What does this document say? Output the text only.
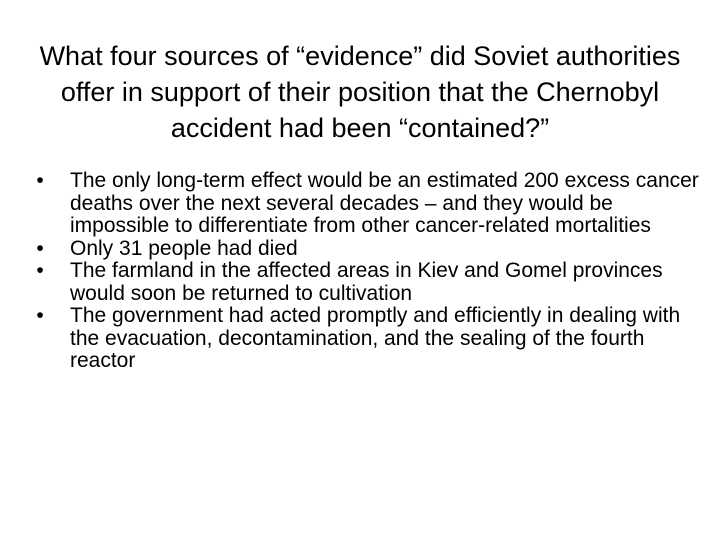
What four sources of “evidence” did Soviet authorities offer in support of their position that the Chernobyl accident had been “contained?”
•	The only long-term effect would be an estimated 200 excess cancer deaths over the next several decades – and they would be impossible to differentiate from other cancer-related mortalities
•	Only 31 people had died
•	The farmland in the affected areas in Kiev and Gomel provinces would soon be returned to cultivation
•	The government had acted promptly and efficiently in dealing with the evacuation, decontamination, and the sealing of the fourth reactor
